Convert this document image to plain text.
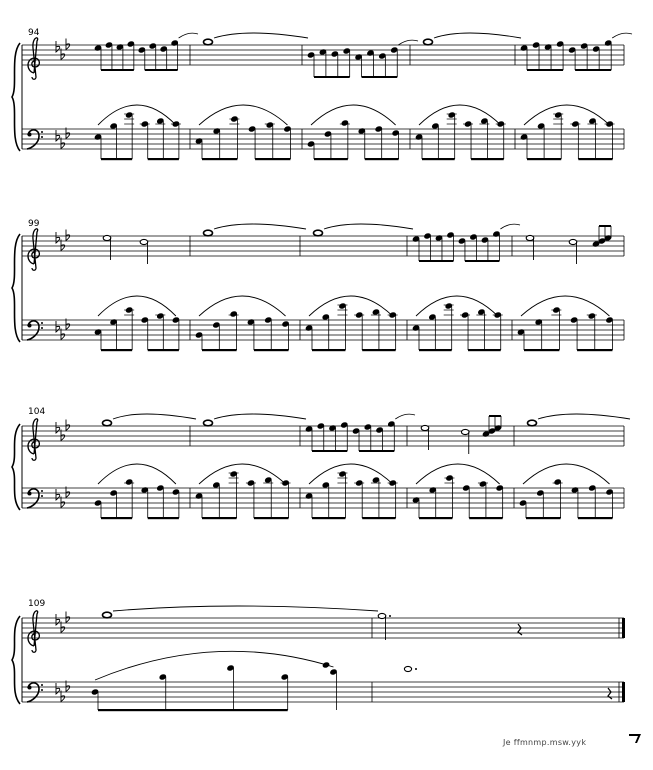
94
99
104
109
Je ffmnmp.msw.yyk
